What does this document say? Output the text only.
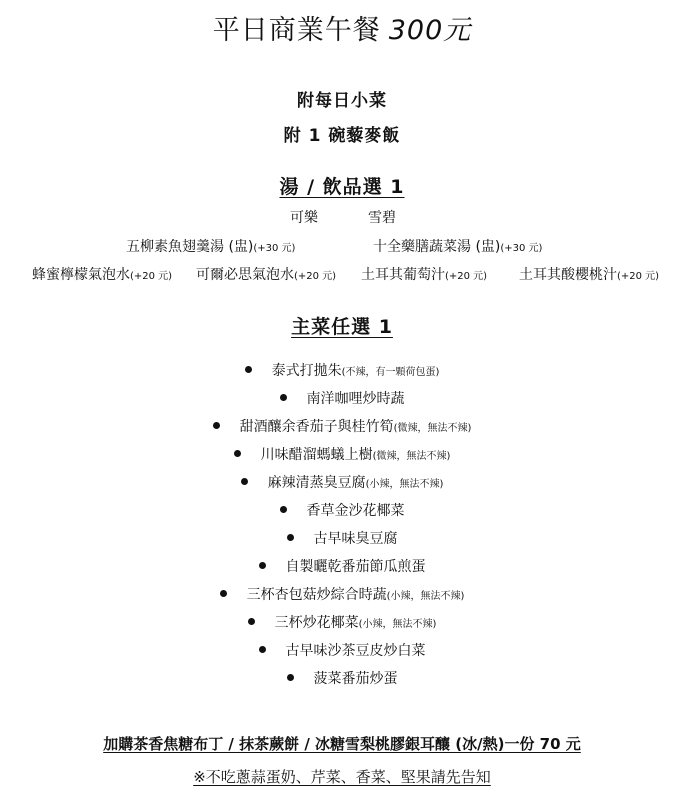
平日商業午餐 300元
附每日小菜
附 1 碗藜麥飯
湯 / 飲品選 1
可樂	雪碧
五柳素魚翅羹湯 (盅)(+30 元)	十全藥膳蔬菜湯 (盅)(+30 元)
蜂蜜檸檬氣泡水(+20 元) 可爾必思氣泡水(+20 元) 土耳其葡萄汁(+20 元) 土耳其酸櫻桃汁(+20 元)
主菜任選 1
泰式打拋朱(不辣，有一顆荷包蛋)
南洋咖哩炒時蔬
甜酒釀余香茄子與桂竹筍(微辣，無法不辣)
川味醋溜螞蟻上樹(微辣，無法不辣)
麻辣清蒸臭豆腐(小辣，無法不辣)
香草金沙花椰菜
古早味臭豆腐
自製曬乾番茄節瓜煎蛋
三杯杏包菇炒綜合時蔬(小辣，無法不辣)
三杯炒花椰菜(小辣，無法不辣)
古早味沙茶豆皮炒白菜
菠菜番茄炒蛋
加購茶香焦糖布丁 / 抹茶蕨餅 / 冰糖雪梨桃膠銀耳釀 (冰/熱)一份 70 元
※不吃蔥蒜蛋奶、芹菜、香菜、堅果請先告知
